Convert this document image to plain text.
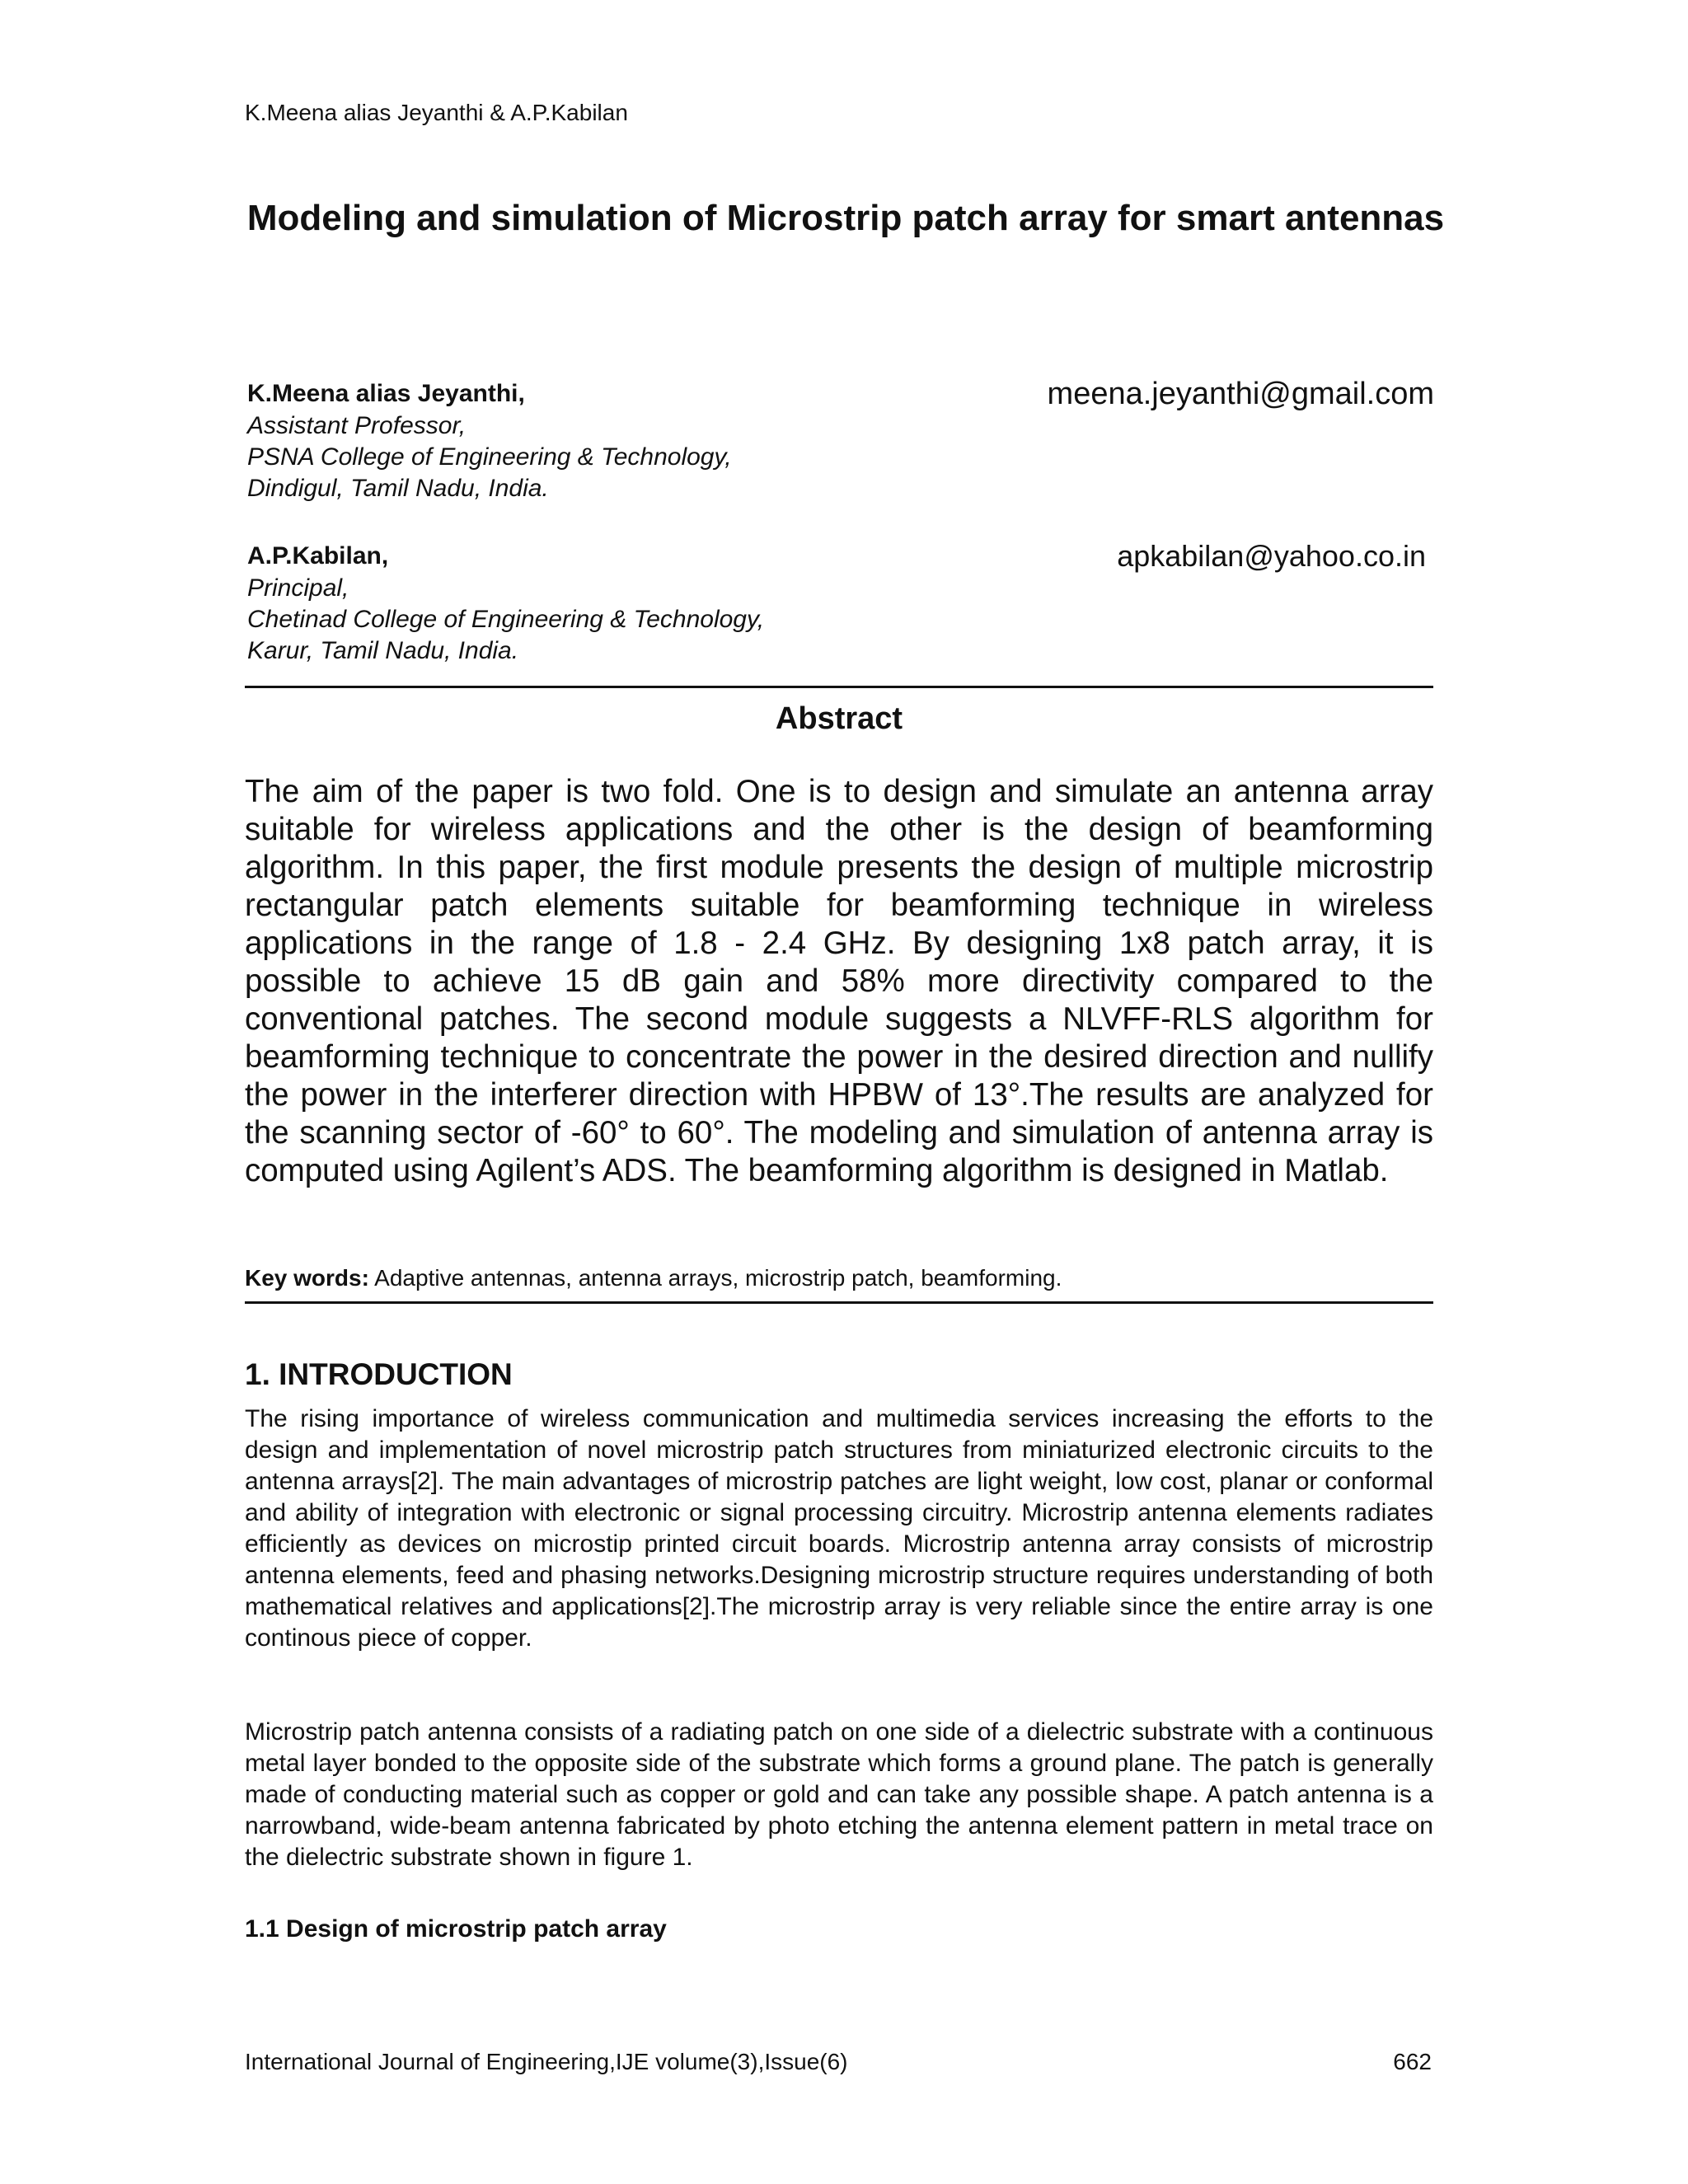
K.Meena alias Jeyanthi & A.P.Kabilan
Modeling and simulation of Microstrip patch array for smart antennas
K.Meena alias Jeyanthi,
Assistant Professor,
PSNA College of Engineering & Technology,
Dindigul, Tamil Nadu, India.
meena.jeyanthi@gmail.com
A.P.Kabilan,
Principal,
Chetinad College of Engineering & Technology,
Karur, Tamil Nadu, India.
apkabilan@yahoo.co.in
Abstract

The aim of the paper is two fold. One is to design and simulate an antenna array suitable for wireless applications and the other is the design of beamforming algorithm. In this paper, the first module presents the design of multiple microstrip rectangular patch elements suitable for beamforming technique in wireless applications in the range of 1.8 - 2.4 GHz. By designing 1x8 patch array, it is possible to achieve 15 dB gain and 58% more directivity compared to the conventional patches. The second module suggests a NLVFF-RLS algorithm for beamforming technique to concentrate the power in the desired direction and nullify the power in the interferer direction with HPBW of 13°.The results are analyzed for the scanning sector of -60° to 60°. The modeling and simulation of antenna array is computed using Agilent’s ADS. The beamforming algorithm is designed in Matlab.

Key words: Adaptive antennas, antenna arrays, microstrip patch, beamforming.
1. INTRODUCTION

The rising importance of wireless communication and multimedia services increasing the efforts to the design and implementation of novel microstrip patch structures from miniaturized electronic circuits to the antenna arrays[2]. The main advantages of microstrip patches are light weight, low cost, planar or conformal and ability of integration with electronic or signal processing circuitry. Microstrip antenna elements radiates efficiently as devices on microstip printed circuit boards. Microstrip antenna array consists of microstrip antenna elements, feed and phasing networks.Designing microstrip structure requires understanding of both mathematical relatives and applications[2].The microstrip array is very reliable since the entire array is one continous piece of copper.

Microstrip patch antenna consists of a radiating patch on one side of a dielectric substrate with a continuous metal layer bonded to the opposite side of the substrate which forms a ground plane. The patch is generally made of conducting material such as copper or gold and can take any possible shape. A patch antenna is a narrowband, wide-beam antenna fabricated by photo etching the antenna element pattern in metal trace on the dielectric substrate shown in figure 1.

1.1 Design of microstrip patch array
International Journal of Engineering,IJE volume(3),Issue(6)	662
